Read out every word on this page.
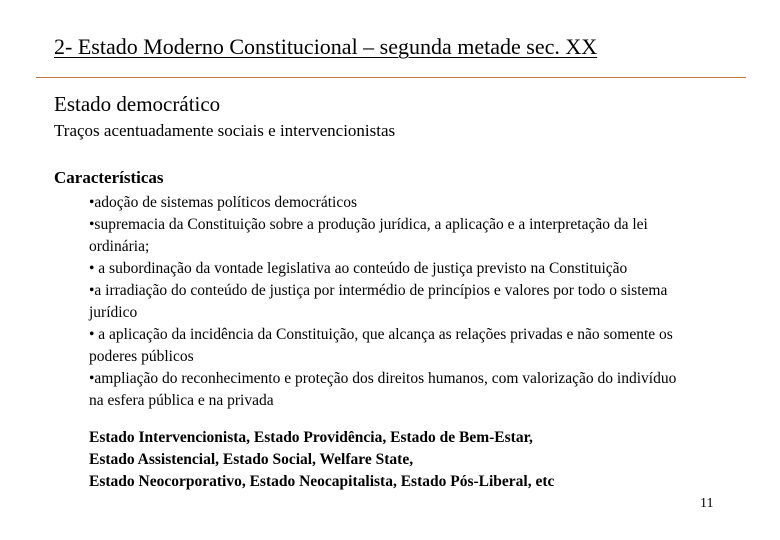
2- Estado Moderno Constitucional – segunda metade sec. XX
Estado democrático
Traços acentuadamente sociais e intervencionistas
Características
•adoção de sistemas políticos democráticos
•supremacia da Constituição sobre a produção jurídica, a aplicação e a interpretação da lei
ordinária;
• a subordinação da vontade legislativa ao conteúdo de justiça previsto na Constituição
•a irradiação do conteúdo de justiça por intermédio de princípios e valores por todo o sistema
jurídico
• a aplicação da incidência da Constituição, que alcança as relações privadas e não somente os
poderes públicos
•ampliação do reconhecimento e proteção dos direitos humanos, com valorização do indivíduo
na esfera pública e na privada
Estado Intervencionista, Estado Providência, Estado de Bem-Estar,
Estado Assistencial, Estado Social, Welfare State,
Estado Neocorporativo, Estado Neocapitalista, Estado Pós-Liberal, etc
11
